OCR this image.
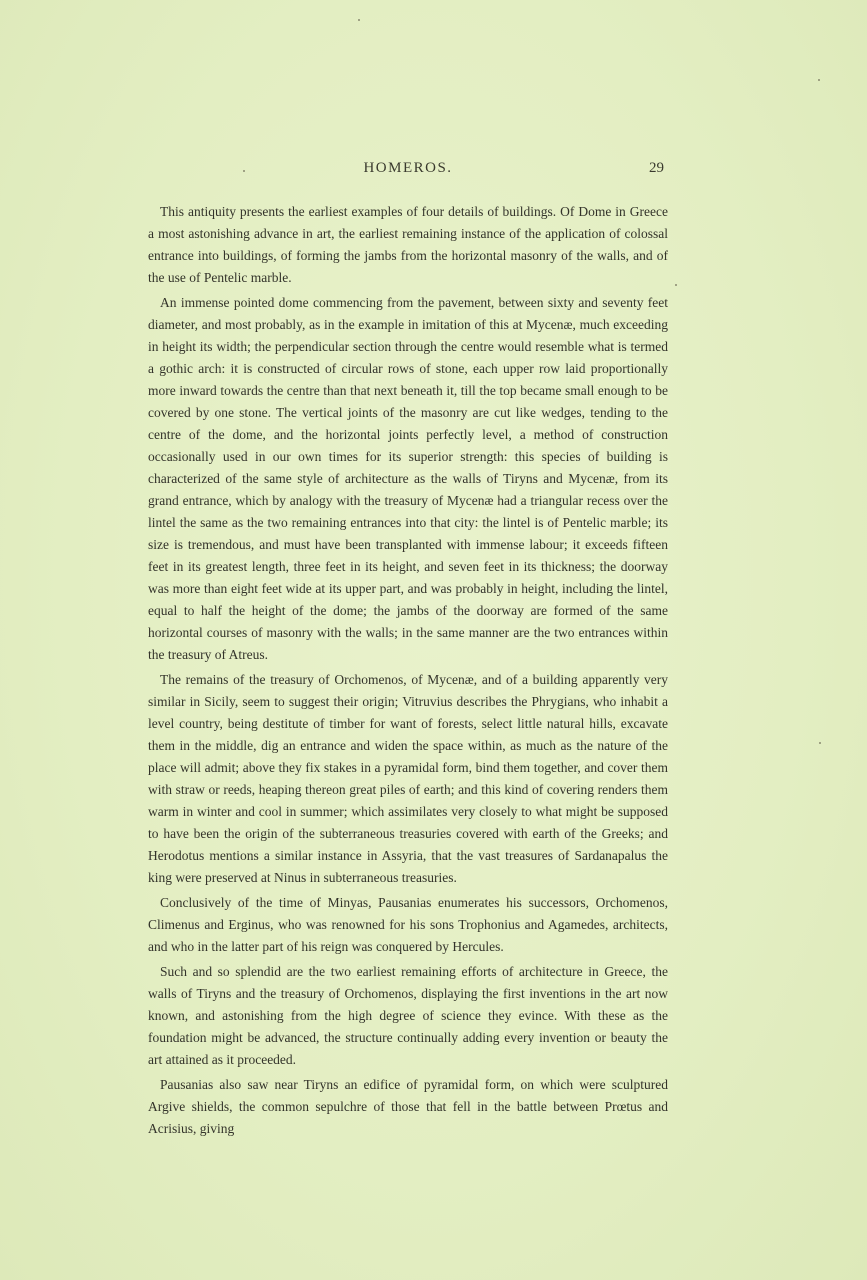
HOMEROS.	29

This antiquity presents the earliest examples of four details of buildings. Of Dome in Greece a most astonishing advance in art, the earliest remaining instance of the application of colossal entrance into buildings, of forming the jambs from the horizontal masonry of the walls, and of the use of Pentelic marble.

An immense pointed dome commencing from the pavement, between sixty and seventy feet diameter, and most probably, as in the example in imitation of this at Mycenæ, much exceeding in height its width; the perpendicular section through the centre would resemble what is termed a gothic arch: it is constructed of circular rows of stone, each upper row laid proportionally more inward towards the centre than that next beneath it, till the top became small enough to be covered by one stone. The vertical joints of the masonry are cut like wedges, tending to the centre of the dome, and the horizontal joints perfectly level, a method of construction occasionally used in our own times for its superior strength: this species of building is characterized of the same style of architecture as the walls of Tiryns and Mycenæ, from its grand entrance, which by analogy with the treasury of Mycenæ had a triangular recess over the lintel the same as the two remaining entrances into that city: the lintel is of Pentelic marble; its size is tremendous, and must have been transplanted with immense labour; it exceeds fifteen feet in its greatest length, three feet in its height, and seven feet in its thickness; the doorway was more than eight feet wide at its upper part, and was probably in height, including the lintel, equal to half the height of the dome; the jambs of the doorway are formed of the same horizontal courses of masonry with the walls; in the same manner are the two entrances within the treasury of Atreus.

The remains of the treasury of Orchomenos, of Mycenæ, and of a building apparently very similar in Sicily, seem to suggest their origin; Vitruvius describes the Phrygians, who inhabit a level country, being destitute of timber for want of forests, select little natural hills, excavate them in the middle, dig an entrance and widen the space within, as much as the nature of the place will admit; above they fix stakes in a pyramidal form, bind them together, and cover them with straw or reeds, heaping thereon great piles of earth; and this kind of covering renders them warm in winter and cool in summer; which assimilates very closely to what might be supposed to have been the origin of the subterraneous treasuries covered with earth of the Greeks; and Herodotus mentions a similar instance in Assyria, that the vast treasures of Sardanapalus the king were preserved at Ninus in subterraneous treasuries.

Conclusively of the time of Minyas, Pausanias enumerates his successors, Orchomenos, Climenus and Erginus, who was renowned for his sons Trophonius and Agamedes, architects, and who in the latter part of his reign was conquered by Hercules.

Such and so splendid are the two earliest remaining efforts of architecture in Greece, the walls of Tiryns and the treasury of Orchomenos, displaying the first inventions in the art now known, and astonishing from the high degree of science they evince. With these as the foundation might be advanced, the structure continually adding every invention or beauty the art attained as it proceeded.

Pausanias also saw near Tiryns an edifice of pyramidal form, on which were sculptured Argive shields, the common sepulchre of those that fell in the battle between Prœtus and Acrisius, giving
